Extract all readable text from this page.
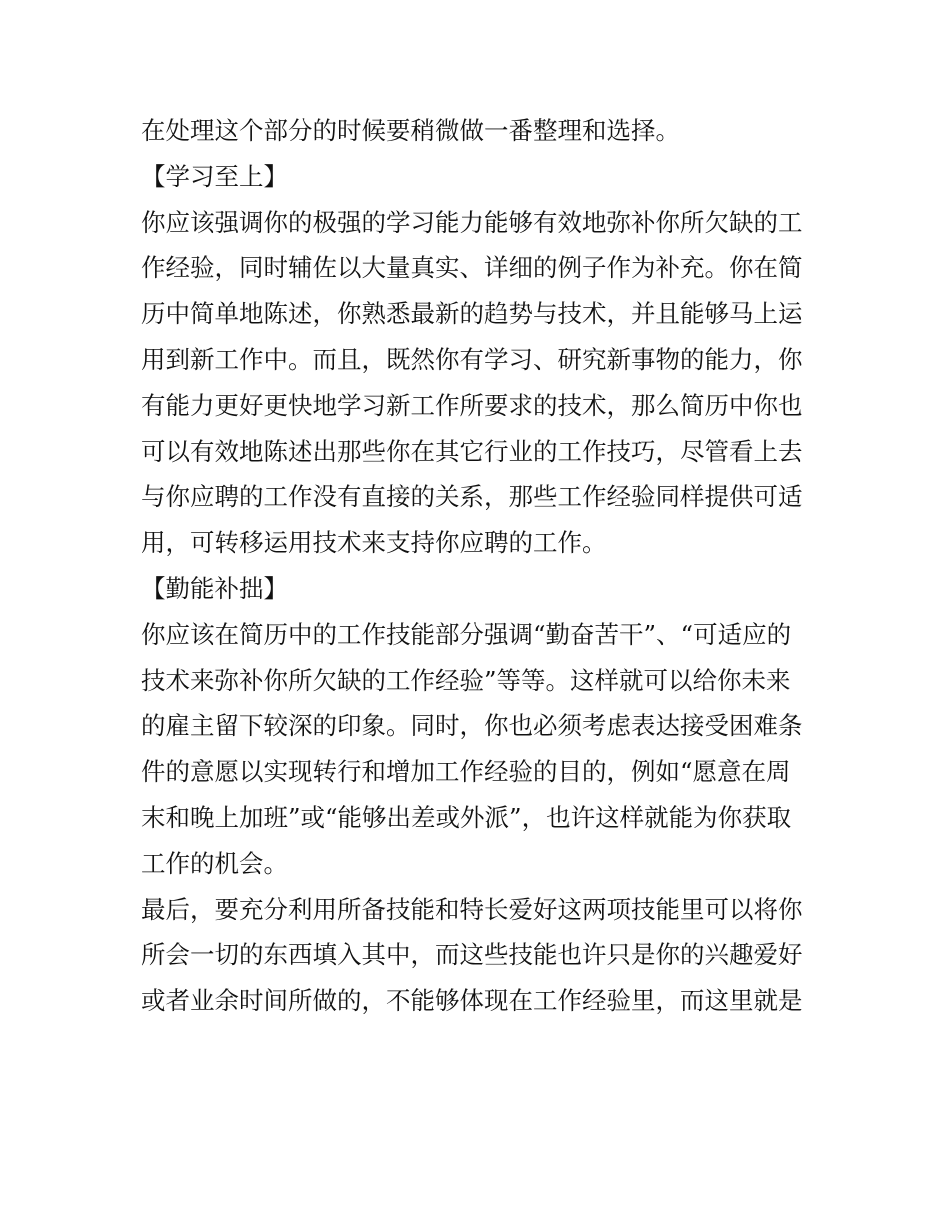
在处理这个部分的时候要稍微做一番整理和选择。
【学习至上】
你应该强调你的极强的学习能力能够有效地弥补你所欠缺的工
作经验，同时辅佐以大量真实、详细的例子作为补充。你在简
历中简单地陈述，你熟悉最新的趋势与技术，并且能够马上运
用到新工作中。而且，既然你有学习、研究新事物的能力，你
有能力更好更快地学习新工作所要求的技术，那么简历中你也
可以有效地陈述出那些你在其它行业的工作技巧，尽管看上去
与你应聘的工作没有直接的关系，那些工作经验同样提供可适
用，可转移运用技术来支持你应聘的工作。
【勤能补拙】
你应该在简历中的工作技能部分强调“勤奋苦干”、“可适应的
技术来弥补你所欠缺的工作经验”等等。这样就可以给你未来
的雇主留下较深的印象。同时，你也必须考虑表达接受困难条
件的意愿以实现转行和增加工作经验的目的，例如“愿意在周
末和晚上加班”或“能够出差或外派”，也许这样就能为你获取
工作的机会。
最后，要充分利用所备技能和特长爱好这两项技能里可以将你
所会一切的东西填入其中，而这些技能也许只是你的兴趣爱好
或者业余时间所做的，不能够体现在工作经验里，而这里就是
